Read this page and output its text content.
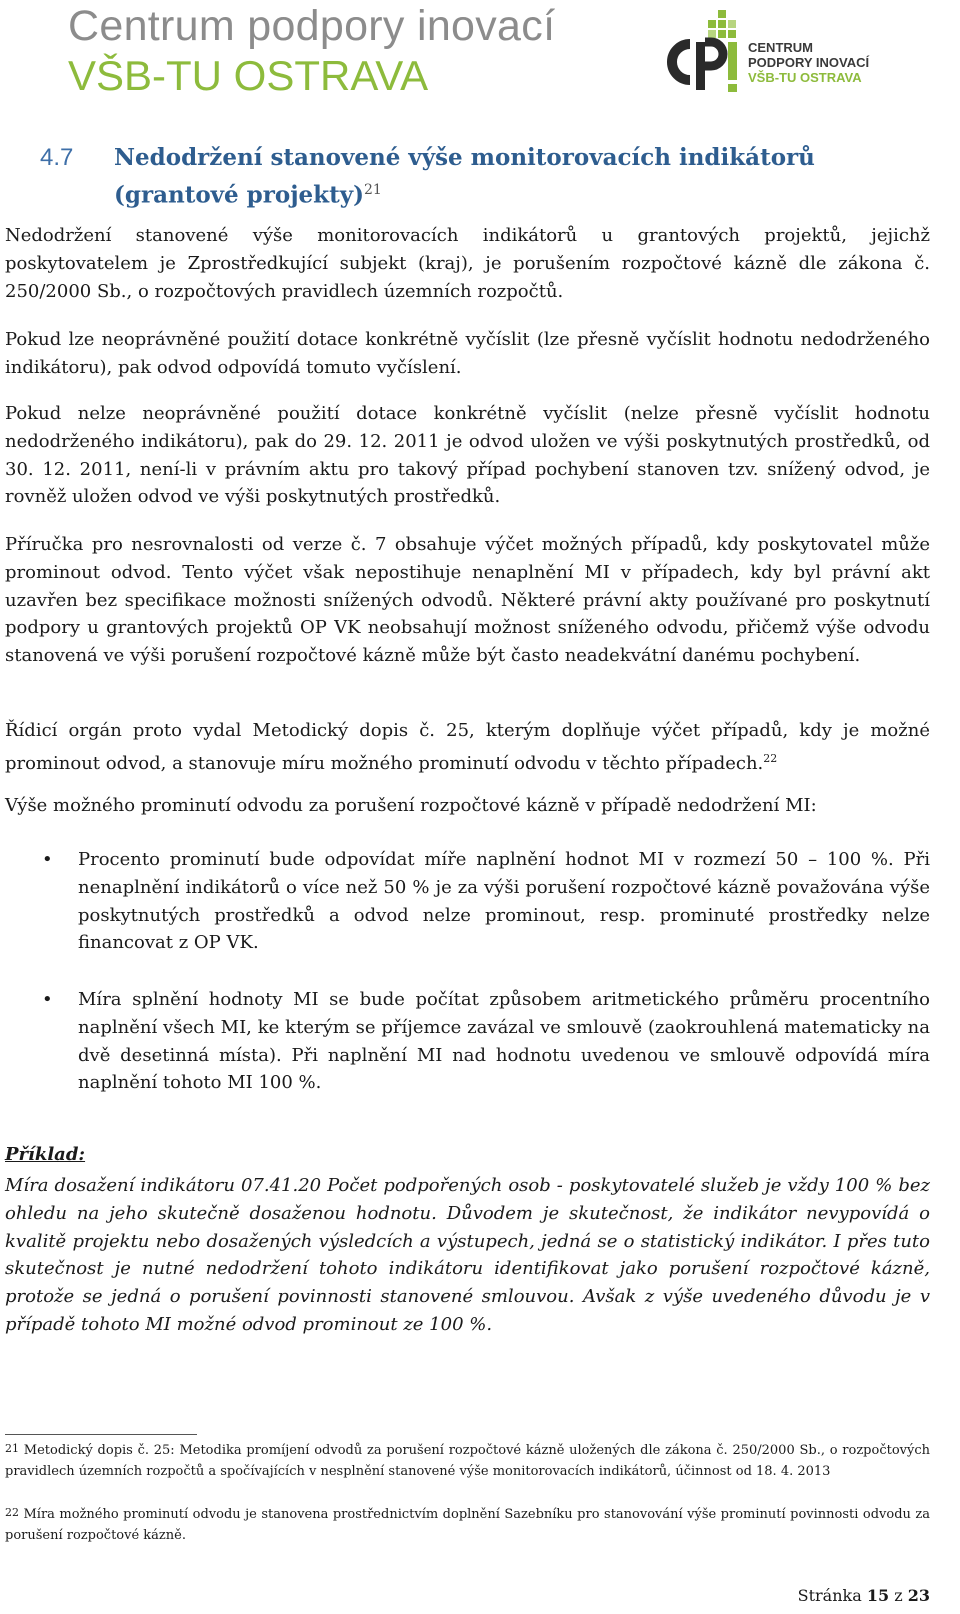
Centrum podpory inovací
VŠB-TU OSTRAVA
CENTRUM
PODPORY INOVACÍ
VŠB-TU OSTRAVA
4.7 Nedodržení stanovené výše monitorovacích indikátorů (grantové projekty)$^{21}$

Nedodržení stanovené výše monitorovacích indikátorů u grantových projektů, jejichž poskytovatelem je Zprostředkující subjekt (kraj), je porušením rozpočtové kázně dle zákona č. 250/2000 Sb., o rozpočtových pravidlech územních rozpočtů.

Pokud lze neoprávněné použití dotace konkrétně vyčíslit (lze přesně vyčíslit hodnotu nedodrženého indikátoru), pak odvod odpovídá tomuto vyčíslení.

Pokud nelze neoprávněné použití dotace konkrétně vyčíslit (nelze přesně vyčíslit hodnotu nedodrženého indikátoru), pak do 29. 12. 2011 je odvod uložen ve výši poskytnutých prostředků, od 30. 12. 2011, není-li v právním aktu pro takový případ pochybení stanoven tzv. snížený odvod, je rovněž uložen odvod ve výši poskytnutých prostředků.

Příručka pro nesrovnalosti od verze č. 7 obsahuje výčet možných případů, kdy poskytovatel může prominout odvod. Tento výčet však nepostihuje nenaplnění MI v případech, kdy byl právní akt uzavřen bez specifikace možnosti snížených odvodů. Některé právní akty používané pro poskytnutí podpory u grantových projektů OP VK neobsahují možnost sníženého odvodu, přičemž výše odvodu stanovená ve výši porušení rozpočtové kázně může být často neadekvátní danému pochybení.

Řídicí orgán proto vydal Metodický dopis č. 25, kterým doplňuje výčet případů, kdy je možné prominout odvod, a stanovuje míru možného prominutí odvodu v těchto případech.$^{22}$

Výše možného prominutí odvodu za porušení rozpočtové kázně v případě nedodržení MI:

• Procento prominutí bude odpovídat míře naplnění hodnot MI v rozmezí 50 – 100 %. Při nenaplnění indikátorů o více než 50 % je za výši porušení rozpočtové kázně považována výše poskytnutých prostředků a odvod nelze prominout, resp. prominuté prostředky nelze financovat z OP VK.
• Míra splnění hodnoty MI se bude počítat způsobem aritmetického průměru procentního naplnění všech MI, ke kterým se příjemce zavázal ve smlouvě (zaokrouhlená matematicky na dvě desetinná místa). Při naplnění MI nad hodnotu uvedenou ve smlouvě odpovídá míra naplnění tohoto MI 100 %.
Příklad:
Míra dosažení indikátoru 07.41.20 Počet podpořených osob - poskytovatelé služeb je vždy 100 % bez ohledu na jeho skutečně dosaženou hodnotu. Důvodem je skutečnost, že indikátor nevypovídá o kvalitě projektu nebo dosažených výsledcích a výstupech, jedná se o statistický indikátor. I přes tuto skutečnost je nutné nedodržení tohoto indikátoru identifikovat jako porušení rozpočtové kázně, protože se jedná o porušení povinnosti stanovené smlouvou. Avšak z výše uvedeného důvodu je v případě tohoto MI možné odvod prominout ze 100 %.
$^{21}$ Metodický dopis č. 25: Metodika promíjení odvodů za porušení rozpočtové kázně uložených dle zákona č. 250/2000 Sb., o rozpočtových pravidlech územních rozpočtů a spočívajících v nesplnění stanovené výše monitorovacích indikátorů, účinnost od 18. 4. 2013
$^{22}$ Míra možného prominutí odvodu je stanovena prostřednictvím doplnění Sazebníku pro stanovování výše prominutí povinnosti odvodu za porušení rozpočtové kázně.
Stránka 15 z 23
